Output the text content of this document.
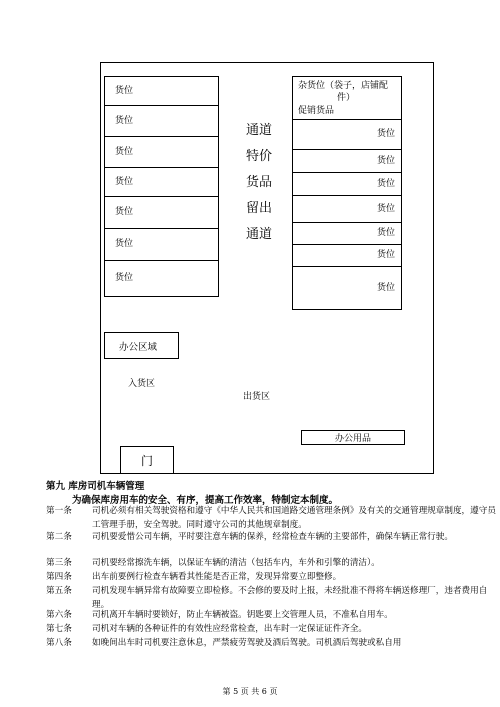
货位
货位
货位
货位
货位
货位
货位
通道
特价
货品
留出
通道
杂货位（袋子，店铺配
件）
促销货品
货位
货位
货位
货位
货位
货位
货位
办公区域
入货区
出货区
办公用品
门
第九 库房司机车辆管理
为确保库房用车的安全、有序，提高工作效率，特制定本制度。
第一条 司机必须有相关驾驶资格和遵守《中华人民共和国道路交通管理条例》及有关的交通管理规章制度，遵守员工管理手册，安全驾驶。同时遵守公司的其他规章制度。
第二条 司机要爱惜公司车辆，平时要注意车辆的保养，经常检查车辆的主要部件，确保车辆正常行驶。
第三条 司机要经常擦洗车辆，以保证车辆的清洁（包括车内，车外和引擎的清洁）。
第四条 出车前要例行检查车辆看其性能是否正常，发现异常要立即整修。
第五条 司机发现车辆异常有故障要立即检修。不会修的要及时上报，未经批准不得将车辆送修理厂，违者费用自理。
第六条 司机离开车辆时要锁好，防止车辆被盗。钥匙要上交管理人员，不准私自用车。
第七条 司机对车辆的各种证件的有效性应经常检查，出车时一定保证证件齐全。
第八条 如晚间出车时司机要注意休息，严禁疲劳驾驶及酒后驾驶。司机酒后驾驶或私自用
第 5 页 共 6 页
